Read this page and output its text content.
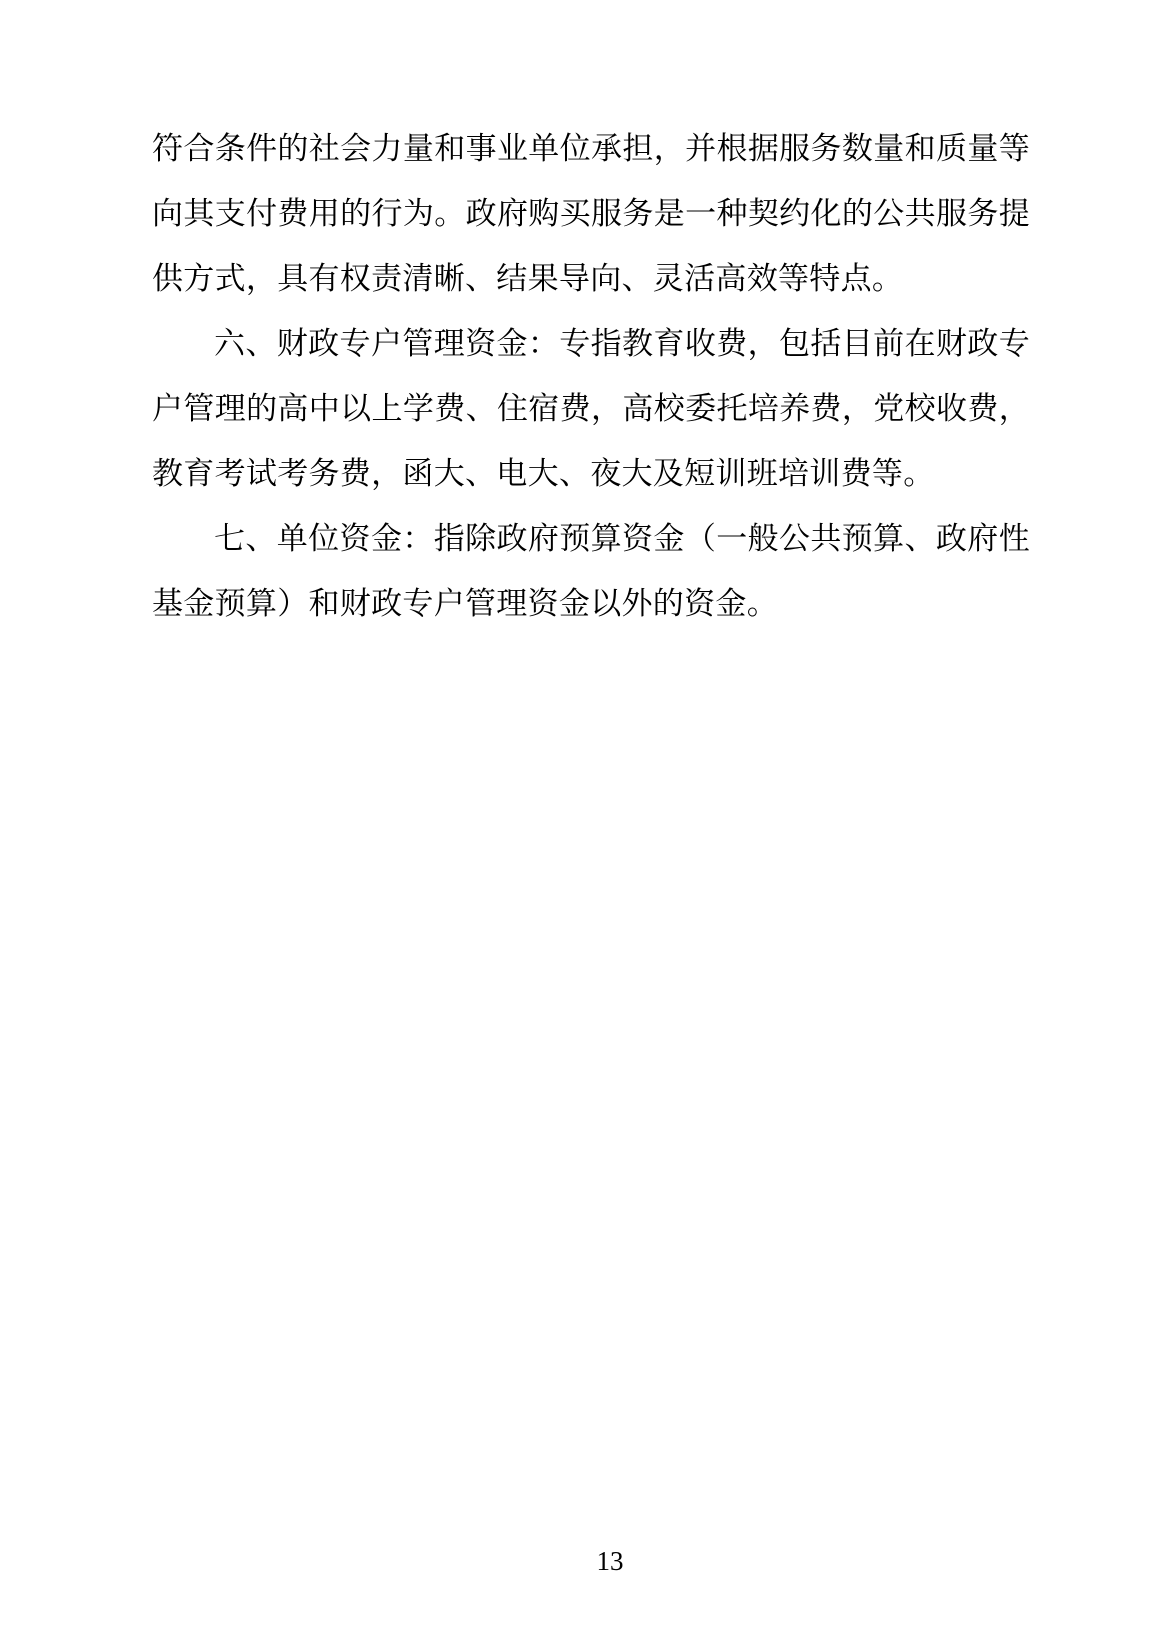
符合条件的社会力量和事业单位承担，并根据服务数量和质量等向其支付费用的行为。政府购买服务是一种契约化的公共服务提供方式，具有权责清晰、结果导向、灵活高效等特点。

六、财政专户管理资金：专指教育收费，包括目前在财政专户管理的高中以上学费、住宿费，高校委托培养费，党校收费，教育考试考务费，函大、电大、夜大及短训班培训费等。

七、单位资金：指除政府预算资金（一般公共预算、政府性基金预算）和财政专户管理资金以外的资金。

13
